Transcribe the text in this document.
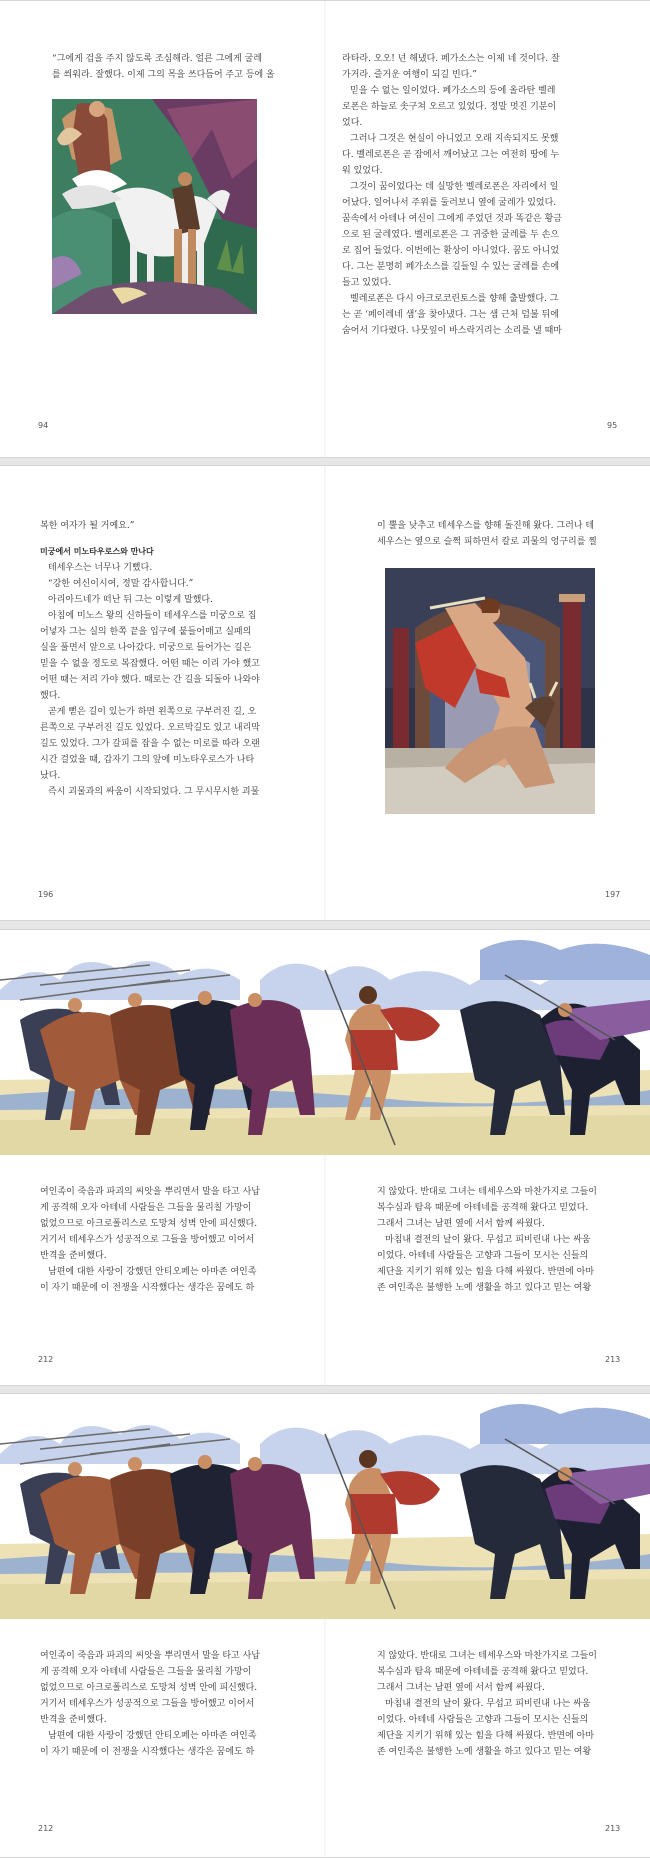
“그에게 겁을 주지 않도록 조심해라. 얼른 그에게 굴레

를 씌워라. 잘했다. 이제 그의 목을 쓰다듬어 주고 등에 올

94

라타라. 오오! 넌 해냈다. 페가소스는 이제 네 것이다. 잘

가거라. 즐거운 여행이 되길 빈다.”

믿을 수 없는 일이었다. 페가소스의 등에 올라탄 벨레

로폰은 하늘로 솟구쳐 오르고 있었다. 정말 멋진 기분이

었다.

그러나 그것은 현실이 아니었고 오래 지속되지도 못했

다. 벨레로폰은 곧 잠에서 깨어났고 그는 여전히 땅에 누

워 있었다.

그것이 꿈이었다는 데 실망한 벨레로폰은 자리에서 일

어났다. 일어나서 주위를 둘러보니 옆에 굴레가 있었다.

꿈속에서 아테나 여신이 그에게 주었던 것과 똑같은 황금

으로 된 굴레였다. 벨레로폰은 그 귀중한 굴레를 두 손으

로 집어 들었다. 이번에는 환상이 아니었다. 꿈도 아니었

다. 그는 분명히 페가소스를 길들일 수 있는 굴레를 손에

들고 있었다.

벨레로폰은 다시 아크로코린토스를 향해 출발했다. 그

는 곧 ‘페이레네 샘’을 찾아냈다. 그는 샘 근처 덤불 뒤에

숨어서 기다렸다. 나뭇잎이 바스락거리는 소리를 낼 때마

95

복한 여자가 될 거예요.”

미궁에서 미노타우로스와 만나다

테세우스는 너무나 기뻤다.

“강한 여신이시여, 정말 감사합니다.”

아리아드네가 떠난 뒤 그는 이렇게 말했다.

아침에 미노스 왕의 신하들이 테세우스를 미궁으로 집

어넣자 그는 실의 한쪽 끝을 입구에 붙들어매고 실패의

실을 풀면서 앞으로 나아갔다. 미궁으로 들어가는 길은

믿을 수 없을 정도로 복잡했다. 어떤 때는 이리 가야 했고

어떤 때는 저리 가야 했다. 때로는 간 길을 되돌아 나와야

했다.

곧게 뻗은 길이 있는가 하면 왼쪽으로 구부러진 길, 오

른쪽으로 구부러진 길도 있었다. 오르막길도 있고 내리막

길도 있었다. 그가 갈피를 잡을 수 없는 미로를 따라 오랜

시간 걸었을 때, 갑자기 그의 앞에 미노타우로스가 나타

났다.

즉시 괴물과의 싸움이 시작되었다. 그 무시무시한 괴물

196

이 뿔을 낮추고 테세우스를 향해 돌진해 왔다. 그러나 테

세우스는 옆으로 슬쩍 피하면서 칼로 괴물의 엉구리를 찔

197

여인족이 죽음과 파괴의 씨앗을 뿌리면서 말을 타고 사납

게 공격해 오자 아테네 사람들은 그들을 물리칠 가망이

없었으므로 아크로폴리스로 도망쳐 성벽 안에 피신했다.

거기서 테세우스가 성공적으로 그들을 방어했고 이어서

반격을 준비했다.

남편에 대한 사랑이 강했던 안티오페는 아마존 여인족

이 자기 때문에 이 전쟁을 시작했다는 생각은 꿈에도 하

212

지 않았다. 반대로 그녀는 테세우스와 마찬가지로 그들이

복수심과 탐욕 때문에 아테네를 공격해 왔다고 믿었다.

그래서 그녀는 남편 옆에 서서 함께 싸웠다.

마침내 결전의 날이 왔다. 무섭고 피비린내 나는 싸움

이었다. 아테네 사람들은 고향과 그들이 모시는 신들의

제단을 지키기 위해 있는 힘을 다해 싸웠다. 반면에 아마

존 여인족은 불행한 노예 생활을 하고 있다고 믿는 여왕

213

여인족이 죽음과 파괴의 씨앗을 뿌리면서 말을 타고 사납

게 공격해 오자 아테네 사람들은 그들을 물리칠 가망이

없었으므로 아크로폴리스로 도망쳐 성벽 안에 피신했다.

거기서 테세우스가 성공적으로 그들을 방어했고 이어서

반격을 준비했다.

남편에 대한 사랑이 강했던 안티오페는 아마존 여인족

이 자기 때문에 이 전쟁을 시작했다는 생각은 꿈에도 하

212

지 않았다. 반대로 그녀는 테세우스와 마찬가지로 그들이

복수심과 탐욕 때문에 아테네를 공격해 왔다고 믿었다.

그래서 그녀는 남편 옆에 서서 함께 싸웠다.

마침내 결전의 날이 왔다. 무섭고 피비린내 나는 싸움

이었다. 아테네 사람들은 고향과 그들이 모시는 신들의

제단을 지키기 위해 있는 힘을 다해 싸웠다. 반면에 아마

존 여인족은 불행한 노예 생활을 하고 있다고 믿는 여왕

213
